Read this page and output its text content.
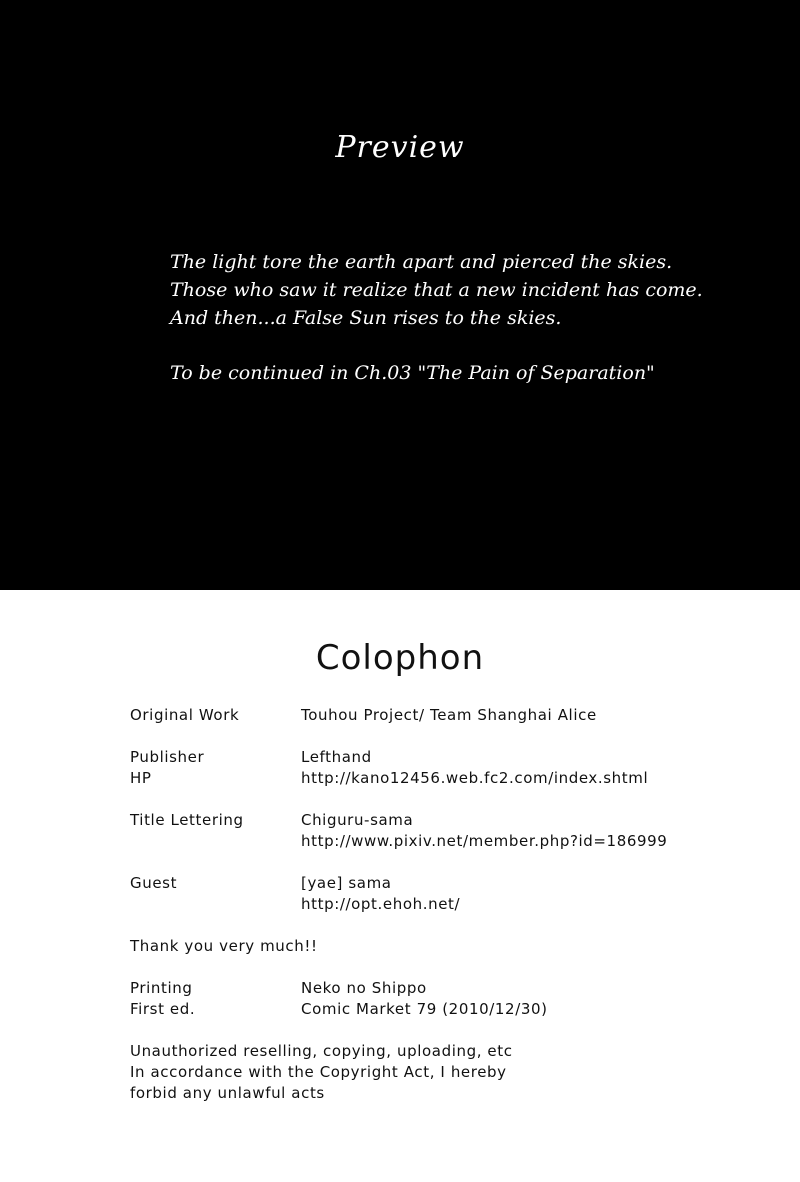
Preview
The light tore the earth apart and pierced the skies.
Those who saw it realize that a new incident has come.
And then...a False Sun rises to the skies.
To be continued in Ch.03 "The Pain of Separation"
Colophon
Original Work	Touhou Project/ Team Shanghai Alice
Publisher	Lefthand
HP	http://kano12456.web.fc2.com/index.shtml
Title Lettering	Chiguru-sama
http://www.pixiv.net/member.php?id=186999
Guest	[yae] sama
http://opt.ehoh.net/
Thank you very much!!
Printing	Neko no Shippo
First ed.	Comic Market 79 (2010/12/30)
Unauthorized reselling, copying, uploading, etc
In accordance with the Copyright Act, I hereby
forbid any unlawful acts
